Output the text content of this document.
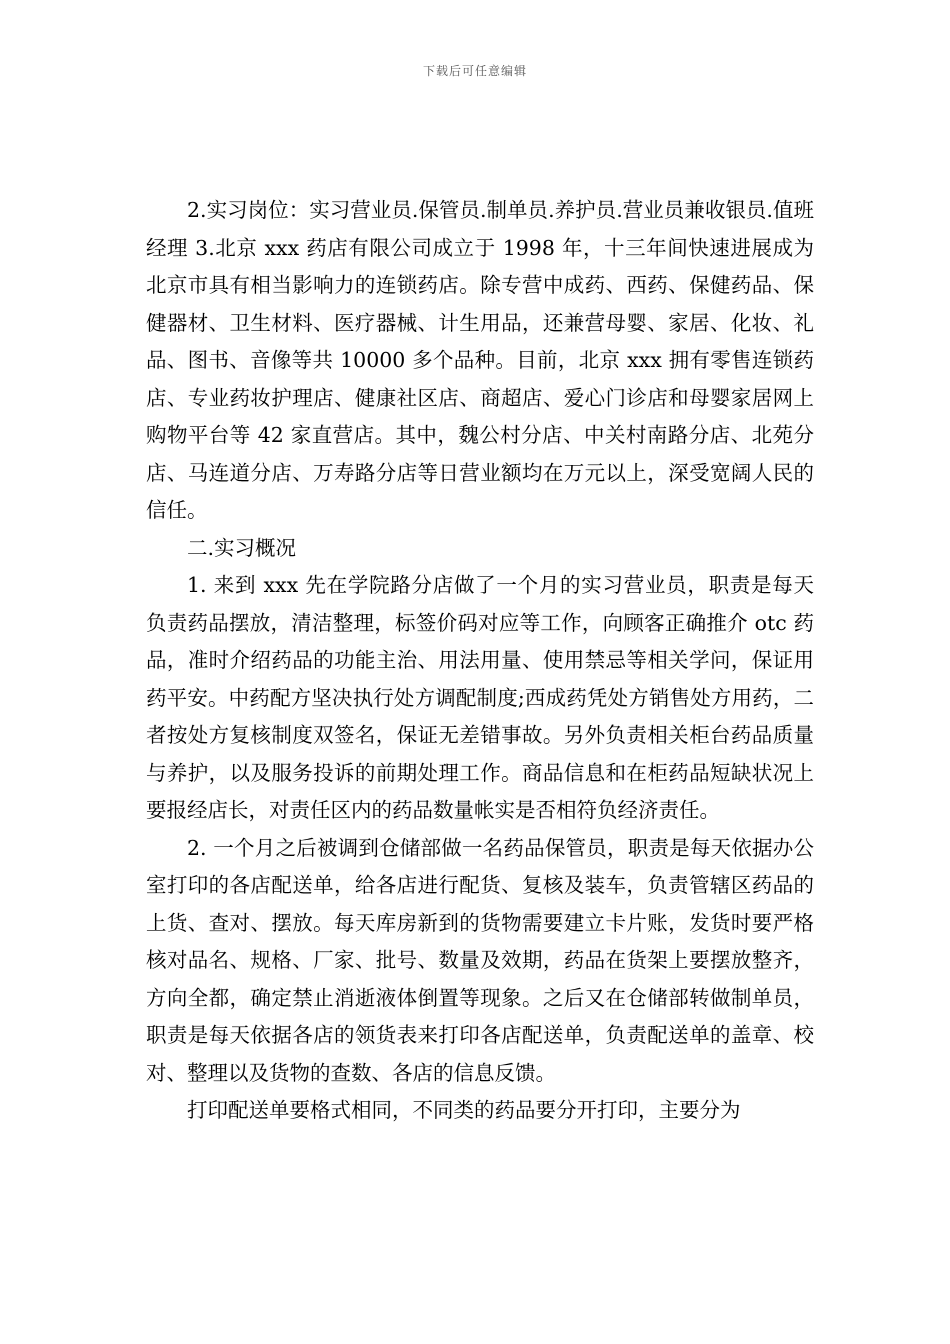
下载后可任意编辑

2.实习岗位：实习营业员.保管员.制单员.养护员.营业员兼收银员.值班经理 3.北京 xxx 药店有限公司成立于 1998 年，十三年间快速进展成为北京市具有相当影响力的连锁药店。除专营中成药、西药、保健药品、保健器材、卫生材料、医疗器械、计生用品，还兼营母婴、家居、化妆、礼品、图书、音像等共 10000 多个品种。目前，北京 xxx 拥有零售连锁药店、专业药妆护理店、健康社区店、商超店、爱心门诊店和母婴家居网上购物平台等 42 家直营店。其中，魏公村分店、中关村南路分店、北苑分店、马连道分店、万寿路分店等日营业额均在万元以上，深受宽阔人民的信任。

二.实习概况

1. 来到 xxx 先在学院路分店做了一个月的实习营业员，职责是每天负责药品摆放，清洁整理，标签价码对应等工作，向顾客正确推介 otc 药品，准时介绍药品的功能主治、用法用量、使用禁忌等相关学问，保证用药平安。中药配方坚决执行处方调配制度;西成药凭处方销售处方用药，二者按处方复核制度双签名，保证无差错事故。另外负责相关柜台药品质量与养护，以及服务投诉的前期处理工作。商品信息和在柜药品短缺状况上要报经店长，对责任区内的药品数量帐实是否相符负经济责任。

2. 一个月之后被调到仓储部做一名药品保管员，职责是每天依据办公室打印的各店配送单，给各店进行配货、复核及装车，负责管辖区药品的上货、查对、摆放。每天库房新到的货物需要建立卡片账，发货时要严格核对品名、规格、厂家、批号、数量及效期，药品在货架上要摆放整齐，方向全都，确定禁止消逝液体倒置等现象。之后又在仓储部转做制单员，职责是每天依据各店的领货表来打印各店配送单，负责配送单的盖章、校对、整理以及货物的查数、各店的信息反馈。

打印配送单要格式相同，不同类的药品要分开打印，主要分为
